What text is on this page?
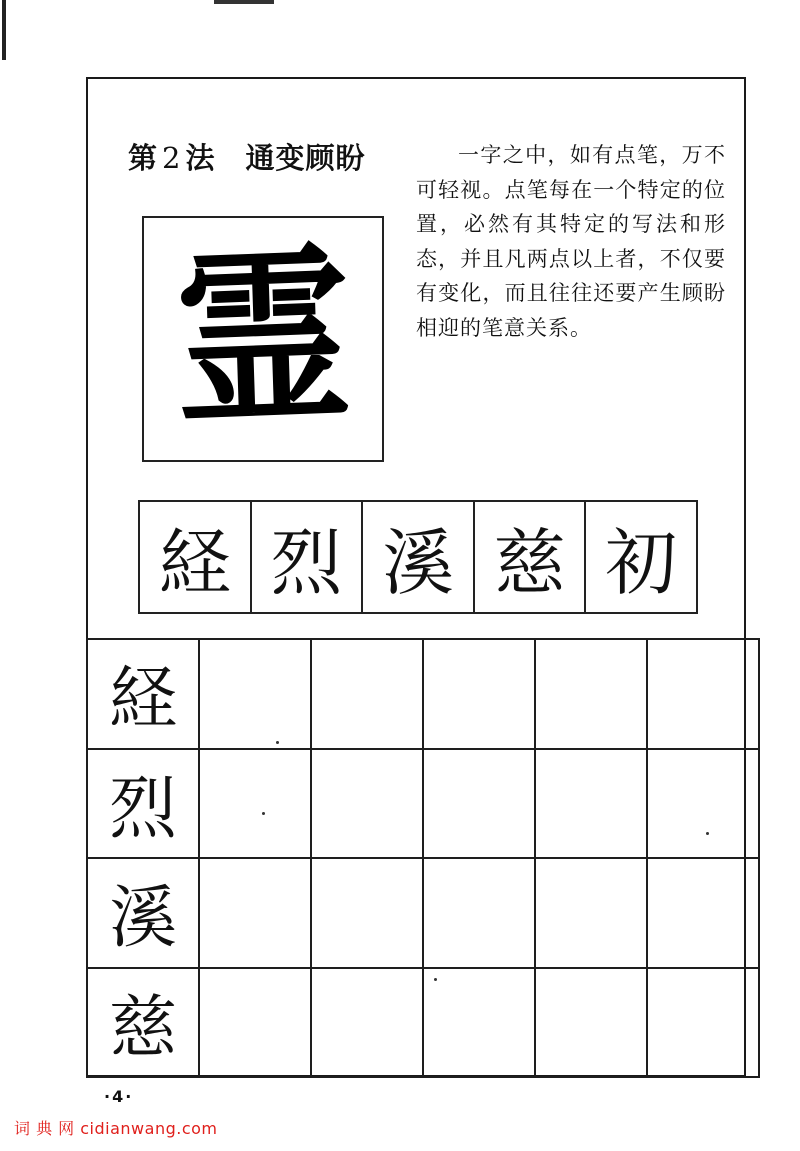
第 2 法 通变顾盼	一字之中，如有点笔，万不可轻视。点笔每在一个特定的位置，必然有其特定的写法和形态，并且凡两点以上者，不仅要有变化，而且往往还要产生顾盼相迎的笔意关系。
霊
経 烈 溪 慈 初
経					
烈					
溪					
慈					
·4·
词 典 网 cidianwang.com
